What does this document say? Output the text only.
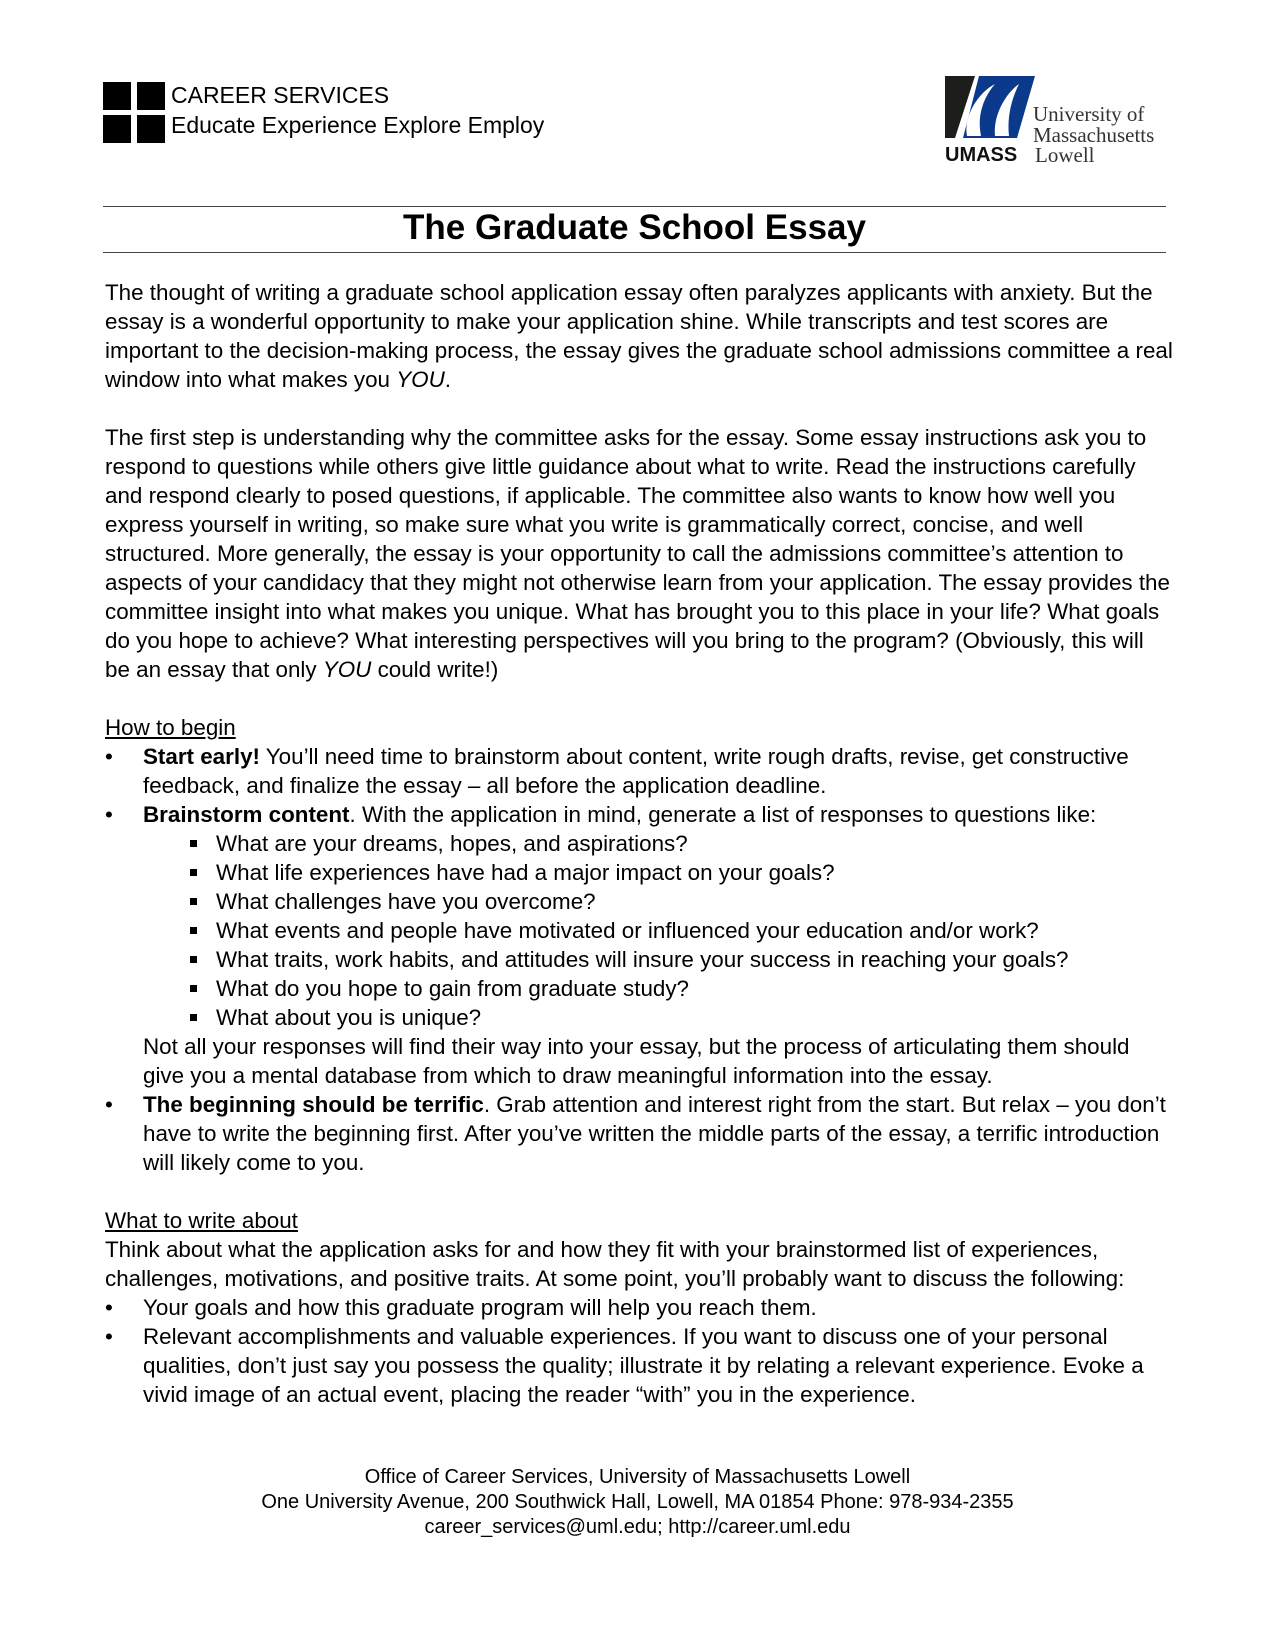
CAREER SERVICES
Educate Experience Explore Employ	University of
Massachusetts
UMASS Lowell
The Graduate School Essay

The thought of writing a graduate school application essay often paralyzes applicants with anxiety. But the essay is a wonderful opportunity to make your application shine. While transcripts and test scores are important to the decision-making process, the essay gives the graduate school admissions committee a real window into what makes you YOU.

The first step is understanding why the committee asks for the essay. Some essay instructions ask you to respond to questions while others give little guidance about what to write. Read the instructions carefully and respond clearly to posed questions, if applicable. The committee also wants to know how well you express yourself in writing, so make sure what you write is grammatically correct, concise, and well structured. More generally, the essay is your opportunity to call the admissions committee’s attention to aspects of your candidacy that they might not otherwise learn from your application. The essay provides the committee insight into what makes you unique. What has brought you to this place in your life? What goals do you hope to achieve? What interesting perspectives will you bring to the program? (Obviously, this will be an essay that only YOU could write!)

How to begin

• Start early! You’ll need time to brainstorm about content, write rough drafts, revise, get constructive feedback, and finalize the essay – all before the application deadline.
• Brainstorm content. With the application in mind, generate a list of responses to questions like:
What are your dreams, hopes, and aspirations?
What life experiences have had a major impact on your goals?
What challenges have you overcome?
What events and people have motivated or influenced your education and/or work?
What traits, work habits, and attitudes will insure your success in reaching your goals?
What do you hope to gain from graduate study?
What about you is unique?

Not all your responses will find their way into your essay, but the process of articulating them should give you a mental database from which to draw meaningful information into the essay.

• The beginning should be terrific. Grab attention and interest right from the start. But relax – you don’t have to write the beginning first. After you’ve written the middle parts of the essay, a terrific introduction will likely come to you.

What to write about

Think about what the application asks for and how they fit with your brainstormed list of experiences, challenges, motivations, and positive traits. At some point, you’ll probably want to discuss the following:

• Your goals and how this graduate program will help you reach them.
• Relevant accomplishments and valuable experiences. If you want to discuss one of your personal qualities, don’t just say you possess the quality; illustrate it by relating a relevant experience. Evoke a vivid image of an actual event, placing the reader “with” you in the experience.
Office of Career Services, University of Massachusetts Lowell
One University Avenue, 200 Southwick Hall, Lowell, MA 01854 Phone: 978-934-2355
career_services@uml.edu; http://career.uml.edu
